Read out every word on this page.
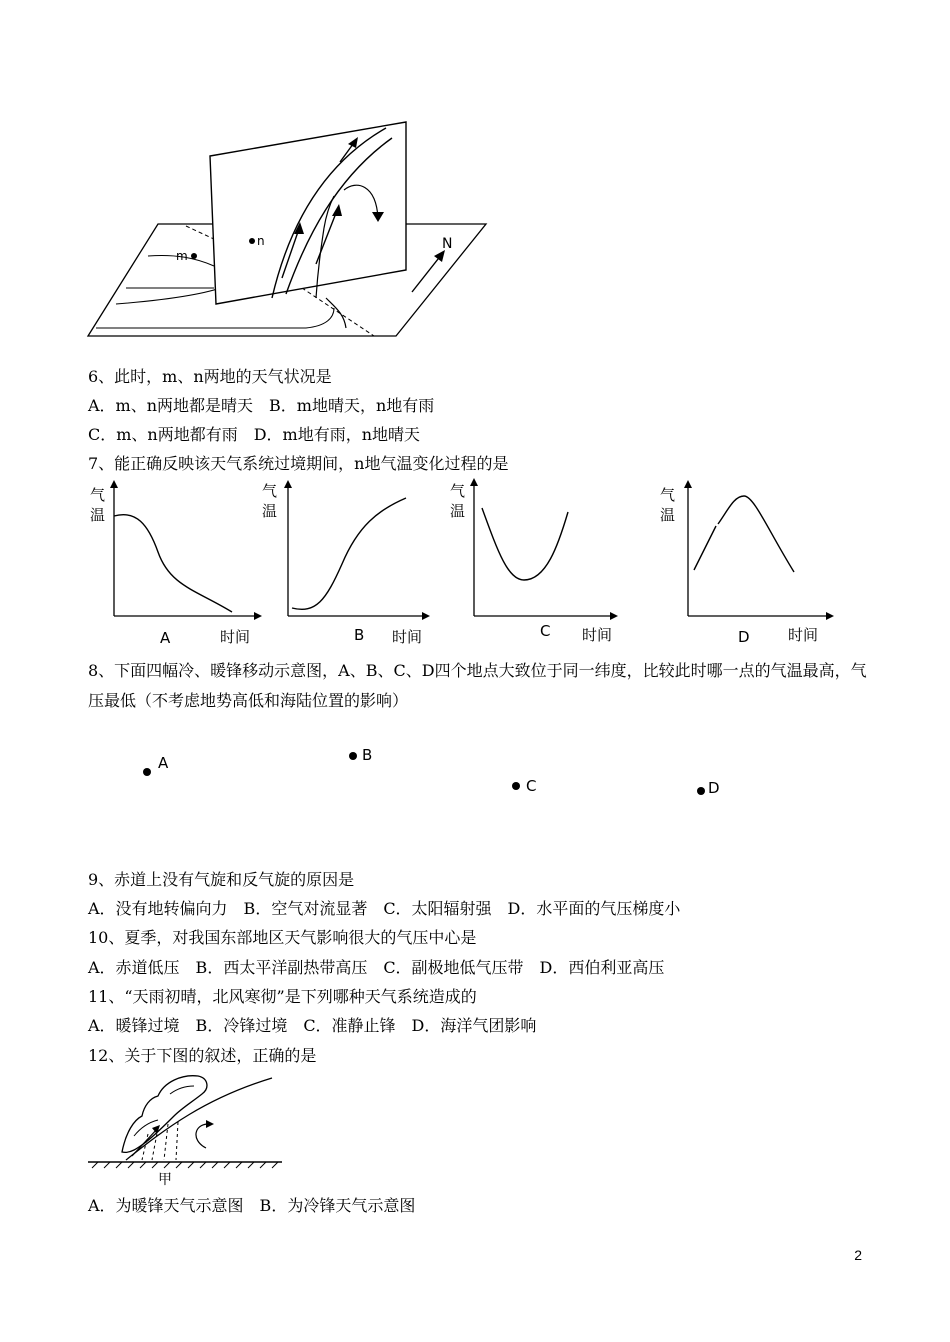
m
n	N
6、此时，m、n两地的天气状况是
A．m、n两地都是晴天　B．m地晴天，n地有雨
C．m、n两地都有雨　D．m地有雨，n地晴天
7、能正确反映该天气系统过境期间，n地气温变化过程的是
气
温
A	时间
气
温
B 时间
气
温
C 时间
气
温
D	时间
8、下面四幅冷、暖锋移动示意图，A、B、C、D四个地点大致位于同一纬度，比较此时哪一点的气温最高，气压最低（不考虑地势高低和海陆位置的影响）
A	B
C	D
9、赤道上没有气旋和反气旋的原因是
A．没有地转偏向力　B．空气对流显著　C．太阳辐射强　D．水平面的气压梯度小
10、夏季，对我国东部地区天气影响很大的气压中心是
A．赤道低压　B．西太平洋副热带高压　C．副极地低气压带　D．西伯利亚高压
11、“天雨初晴，北风寒彻”是下列哪种天气系统造成的
A．暖锋过境　B．冷锋过境　C．准静止锋　D．海洋气团影响
12、关于下图的叙述，正确的是
甲
A．为暖锋天气示意图　B．为冷锋天气示意图
2
